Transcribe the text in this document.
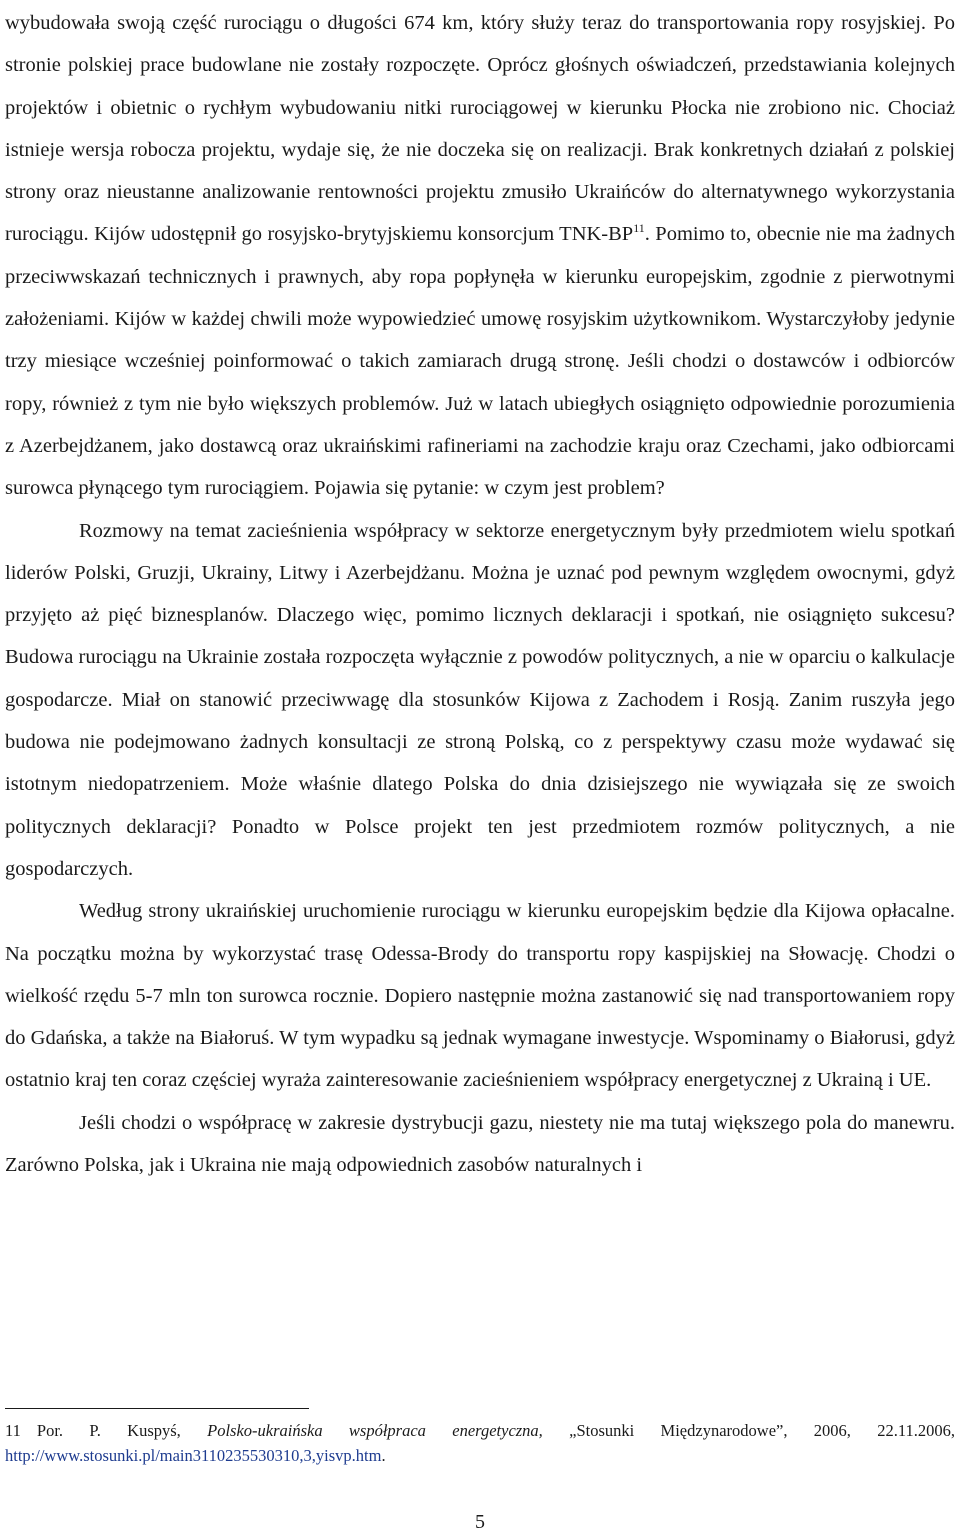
wybudowała swoją część rurociągu o długości 674 km, który służy teraz do transportowania ropy rosyjskiej. Po stronie polskiej prace budowlane nie zostały rozpoczęte. Oprócz głośnych oświadczeń, przedstawiania kolejnych projektów i obietnic o rychłym wybudowaniu nitki rurociągowej w kierunku Płocka nie zrobiono nic. Chociaż istnieje wersja robocza projektu, wydaje się, że nie doczeka się on realizacji. Brak konkretnych działań z polskiej strony oraz nieustanne analizowanie rentowności projektu zmusiło Ukraińców do alternatywnego wykorzystania rurociągu. Kijów udostępnił go rosyjsko-brytyjskiemu konsorcjum TNK-BP$^{11}$. Pomimo to, obecnie nie ma żadnych przeciwwskazań technicznych i prawnych, aby ropa popłynęła w kierunku europejskim, zgodnie z pierwotnymi założeniami. Kijów w każdej chwili może wypowiedzieć umowę rosyjskim użytkownikom. Wystarczyłoby jedynie trzy miesiące wcześniej poinformować o takich zamiarach drugą stronę. Jeśli chodzi o dostawców i odbiorców ropy, również z tym nie było większych problemów. Już w latach ubiegłych osiągnięto odpowiednie porozumienia z Azerbejdżanem, jako dostawcą oraz ukraińskimi rafineriami na zachodzie kraju oraz Czechami, jako odbiorcami surowca płynącego tym rurociągiem. Pojawia się pytanie: w czym jest problem?

Rozmowy na temat zacieśnienia współpracy w sektorze energetycznym były przedmiotem wielu spotkań liderów Polski, Gruzji, Ukrainy, Litwy i Azerbejdżanu. Można je uznać pod pewnym względem owocnymi, gdyż przyjęto aż pięć biznesplanów. Dlaczego więc, pomimo licznych deklaracji i spotkań, nie osiągnięto sukcesu? Budowa rurociągu na Ukrainie została rozpoczęta wyłącznie z powodów politycznych, a nie w oparciu o kalkulacje gospodarcze. Miał on stanowić przeciwwagę dla stosunków Kijowa z Zachodem i Rosją. Zanim ruszyła jego budowa nie podejmowano żadnych konsultacji ze stroną Polską, co z perspektywy czasu może wydawać się istotnym niedopatrzeniem. Może właśnie dlatego Polska do dnia dzisiejszego nie wywiązała się ze swoich politycznych deklaracji? Ponadto w Polsce projekt ten jest przedmiotem rozmów politycznych, a nie gospodarczych.

Według strony ukraińskiej uruchomienie rurociągu w kierunku europejskim będzie dla Kijowa opłacalne. Na początku można by wykorzystać trasę Odessa-Brody do transportu ropy kaspijskiej na Słowację. Chodzi o wielkość rzędu 5-7 mln ton surowca rocznie. Dopiero następnie można zastanowić się nad transportowaniem ropy do Gdańska, a także na Białoruś. W tym wypadku są jednak wymagane inwestycje. Wspominamy o Białorusi, gdyż ostatnio kraj ten coraz częściej wyraża zainteresowanie zacieśnieniem współpracy energetycznej z Ukrainą i UE.

Jeśli chodzi o współpracę w zakresie dystrybucji gazu, niestety nie ma tutaj większego pola do manewru. Zarówno Polska, jak i Ukraina nie mają odpowiednich zasobów naturalnych i

11 Por. P. Kuspyś, Polsko-ukraińska współpraca energetyczna, „Stosunki Międzynarodowe”, 2006, 22.11.2006, http://www.stosunki.pl/main3110235530310,3,yisvp.htm.
5
